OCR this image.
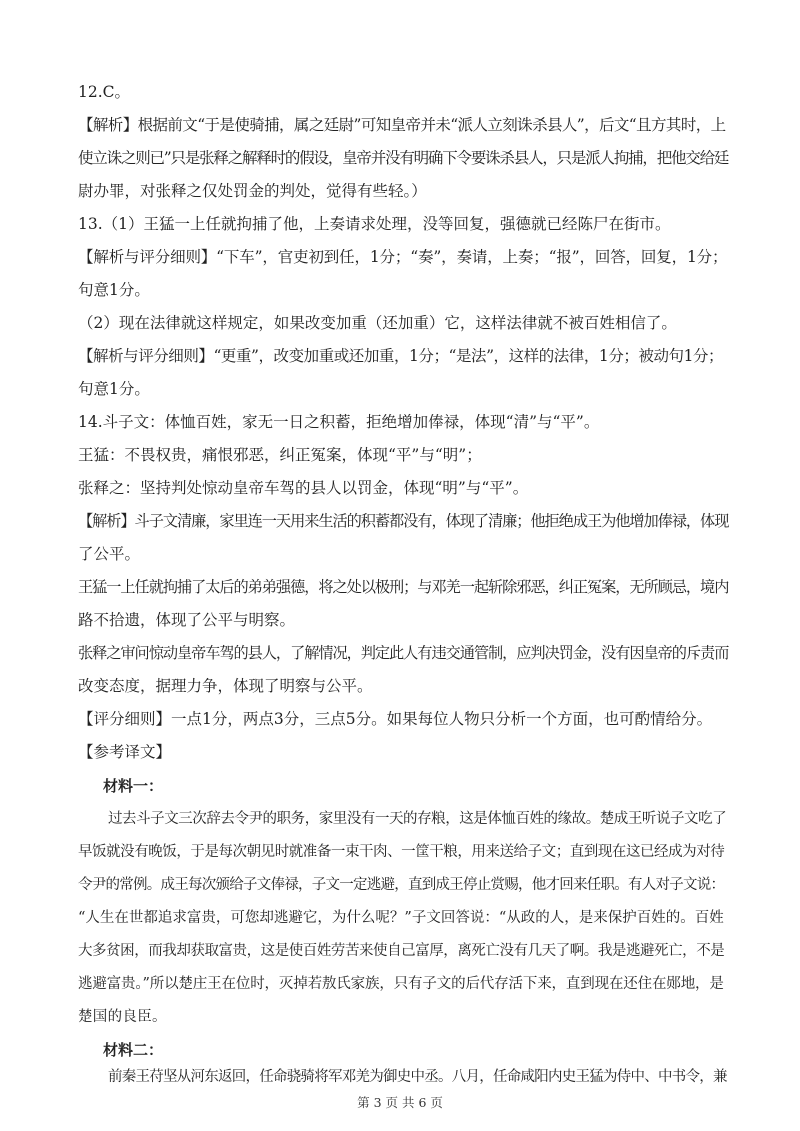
12.C。
【解析】根据前文“于是使骑捕，属之廷尉”可知皇帝并未“派人立刻诛杀县人”，后文“且方其时，上
使立诛之则已”只是张释之解释时的假设，皇帝并没有明确下令要诛杀县人，只是派人拘捕，把他交给廷
尉办罪，对张释之仅处罚金的判处，觉得有些轻。）
13.（1）王猛一上任就拘捕了他，上奏请求处理，没等回复，强德就已经陈尸在街市。
【解析与评分细则】“下车”，官吏初到任，1分；“奏”，奏请，上奏；“报”，回答，回复，1分；
句意1分。
（2）现在法律就这样规定，如果改变加重（还加重）它，这样法律就不被百姓相信了。
【解析与评分细则】“更重”，改变加重或还加重，1分；“是法”，这样的法律，1分；被动句1分；
句意1分。
14.斗子文：体恤百姓，家无一日之积蓄，拒绝增加俸禄，体现“清”与“平”。
王猛：不畏权贵，痛恨邪恶，纠正冤案，体现“平”与“明”；
张释之：坚持判处惊动皇帝车驾的县人以罚金，体现“明”与“平”。
【解析】斗子文清廉，家里连一天用来生活的积蓄都没有，体现了清廉；他拒绝成王为他增加俸禄，体现
了公平。
王猛一上任就拘捕了太后的弟弟强德，将之处以极刑；与邓羌一起斩除邪恶，纠正冤案，无所顾忌，境内
路不拾遗，体现了公平与明察。
张释之审问惊动皇帝车驾的县人，了解情况，判定此人有违交通管制，应判决罚金，没有因皇帝的斥责而
改变态度，据理力争，体现了明察与公平。
【评分细则】一点1分，两点3分，三点5分。如果每位人物只分析一个方面，也可酌情给分。
【参考译文】
材料一：
过去斗子文三次辞去令尹的职务，家里没有一天的存粮，这是体恤百姓的缘故。楚成王听说子文吃了
早饭就没有晚饭，于是每次朝见时就准备一束干肉、一筐干粮，用来送给子文；直到现在这已经成为对待
令尹的常例。成王每次颁给子文俸禄，子文一定逃避，直到成王停止赏赐，他才回来任职。有人对子文说：
“人生在世都追求富贵，可您却逃避它，为什么呢？”子文回答说：“从政的人，是来保护百姓的。百姓
大多贫困，而我却获取富贵，这是使百姓劳苦来使自己富厚，离死亡没有几天了啊。我是逃避死亡，不是
逃避富贵。”所以楚庄王在位时，灭掉若敖氏家族，只有子文的后代存活下来，直到现在还住在郧地，是
楚国的良臣。
材料二：
前秦王苻坚从河东返回，任命骁骑将军邓羌为御史中丞。八月，任命咸阳内史王猛为侍中、中书令，兼
第 3 页 共 6 页
